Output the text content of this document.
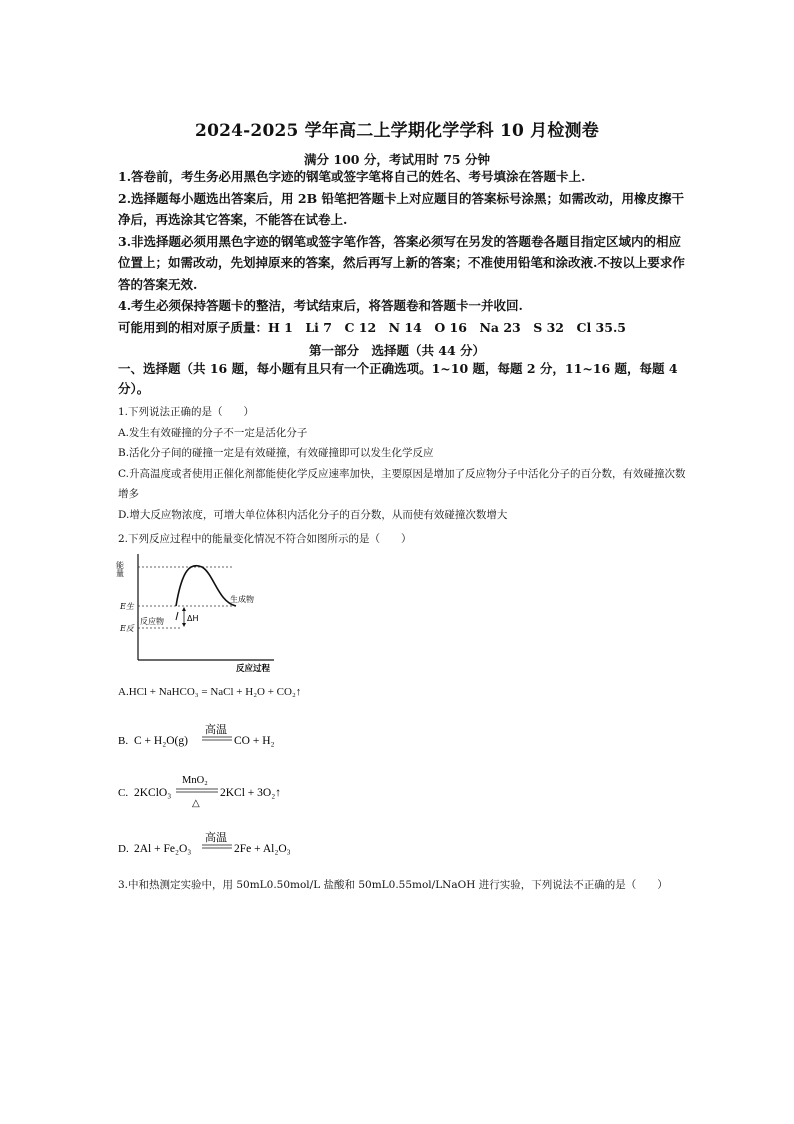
2024-2025 学年高二上学期化学学科 10 月检测卷
满分 100 分，考试用时 75 分钟

1.答卷前，考生务必用黑色字迹的钢笔或签字笔将自己的姓名、考号填涂在答题卡上.

2.选择题每小题选出答案后，用 2B 铅笔把答题卡上对应题目的答案标号涂黑；如需改动，用橡皮擦干净后，再选涂其它答案，不能答在试卷上.

3.非选择题必须用黑色字迹的钢笔或签字笔作答，答案必须写在另发的答题卷各题目指定区域内的相应位置上；如需改动，先划掉原来的答案，然后再写上新的答案；不准使用铅笔和涂改液.不按以上要求作答的答案无效.

4.考生必须保持答题卡的整洁，考试结束后，将答题卷和答题卡一并收回.

可能用到的相对原子质量：H 1　Li 7　C 12　N 14　O 16　Na 23　S 32　Cl 35.5

第一部分　选择题（共 44 分）
一、选择题（共 16 题，每小题有且只有一个正确选项。1~10 题，每题 2 分，11~16 题，每题 4 分）。

1.下列说法正确的是（　　）

A.发生有效碰撞的分子不一定是活化分子

B.活化分子间的碰撞一定是有效碰撞，有效碰撞即可以发生化学反应

C.升高温度或者使用正催化剂都能使化学反应速率加快，主要原因是增加了反应物分子中活化分子的百分数，有效碰撞次数增多

D.增大反应物浓度，可增大单位体积内活化分子的百分数，从而使有效碰撞次数增大

2.下列反应过程中的能量变化情况不符合如图所示的是（　　）

能量
反应过程
ΔH
生成物
反应物
E生
E反
A.HCl + NaHCO₃ = NaCl + H₂O + CO₂↑
B. C + H₂O(g)
高温
CO + H₂
C. 2KClO₃
MnO₂
△
2KCl + 3O₂↑
D. 2Al + Fe₂O₃
高温
2Fe + Al₂O₃

3.中和热测定实验中，用 50mL0.50mol/L 盐酸和 50mL0.55mol/LNaOH 进行实验，下列说法不正确的是（　　）
